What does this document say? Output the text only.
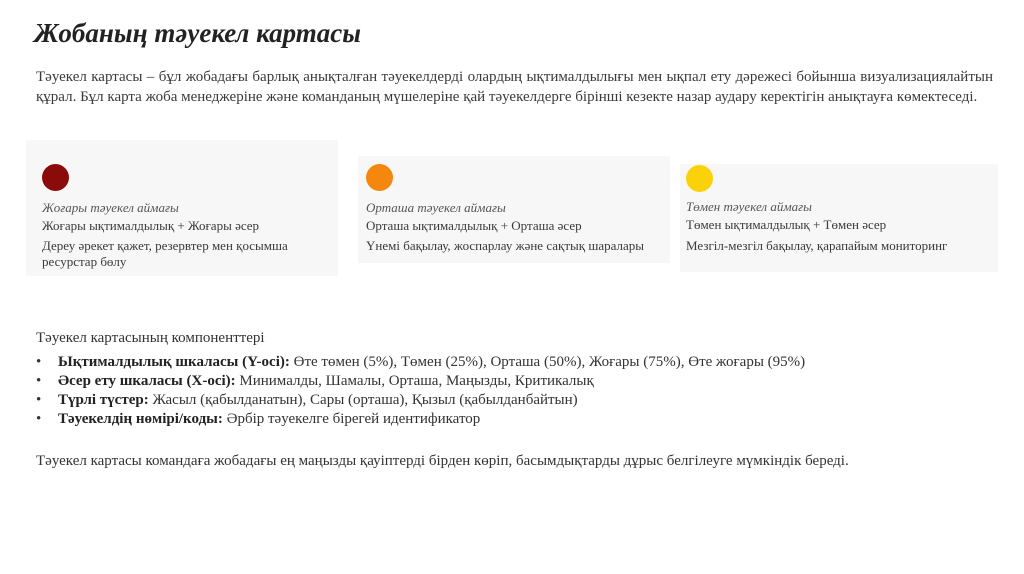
Жобаның тәуекел картасы
Тәуекел картасы – бұл жобадағы барлық анықталған тәуекелдерді олардың ықтималдылығы мен ықпал ету дәрежесі бойынша визуализациялайтын құрал. Бұл карта жоба менеджеріне және команданың мүшелеріне қай тәуекелдерге бірінші кезекте назар аудару керектігін анықтауға көмектеседі.
Жоғары тәуекел аймағы
Жоғары ықтималдылық + Жоғары әсер
Дереу әрекет қажет, резервтер мен қосымша ресурстар бөлу
Орташа тәуекел аймағы
Орташа ықтималдылық + Орташа әсер
Үнемі бақылау, жоспарлау және сақтық шаралары
Төмен тәуекел аймағы
Төмен ықтималдылық + Төмен әсер
Мезгіл-мезгіл бақылау, қарапайым мониторинг
Тәуекел картасының компоненттері
• Ықтималдылық шкаласы (Y-осі): Өте төмен (5%), Төмен (25%), Орташа (50%), Жоғары (75%), Өте жоғары (95%)
• Әсер ету шкаласы (X-осі): Минималды, Шамалы, Орташа, Маңызды, Критикалық
• Түрлі түстер: Жасыл (қабылданатын), Сары (орташа), Қызыл (қабылданбайтын)
• Тәуекелдің нөмірі/коды: Әрбір тәуекелге бірегей идентификатор
Тәуекел картасы командаға жобадағы ең маңызды қауіптерді бірден көріп, басымдықтарды дұрыс белгілеуге мүмкіндік береді.
